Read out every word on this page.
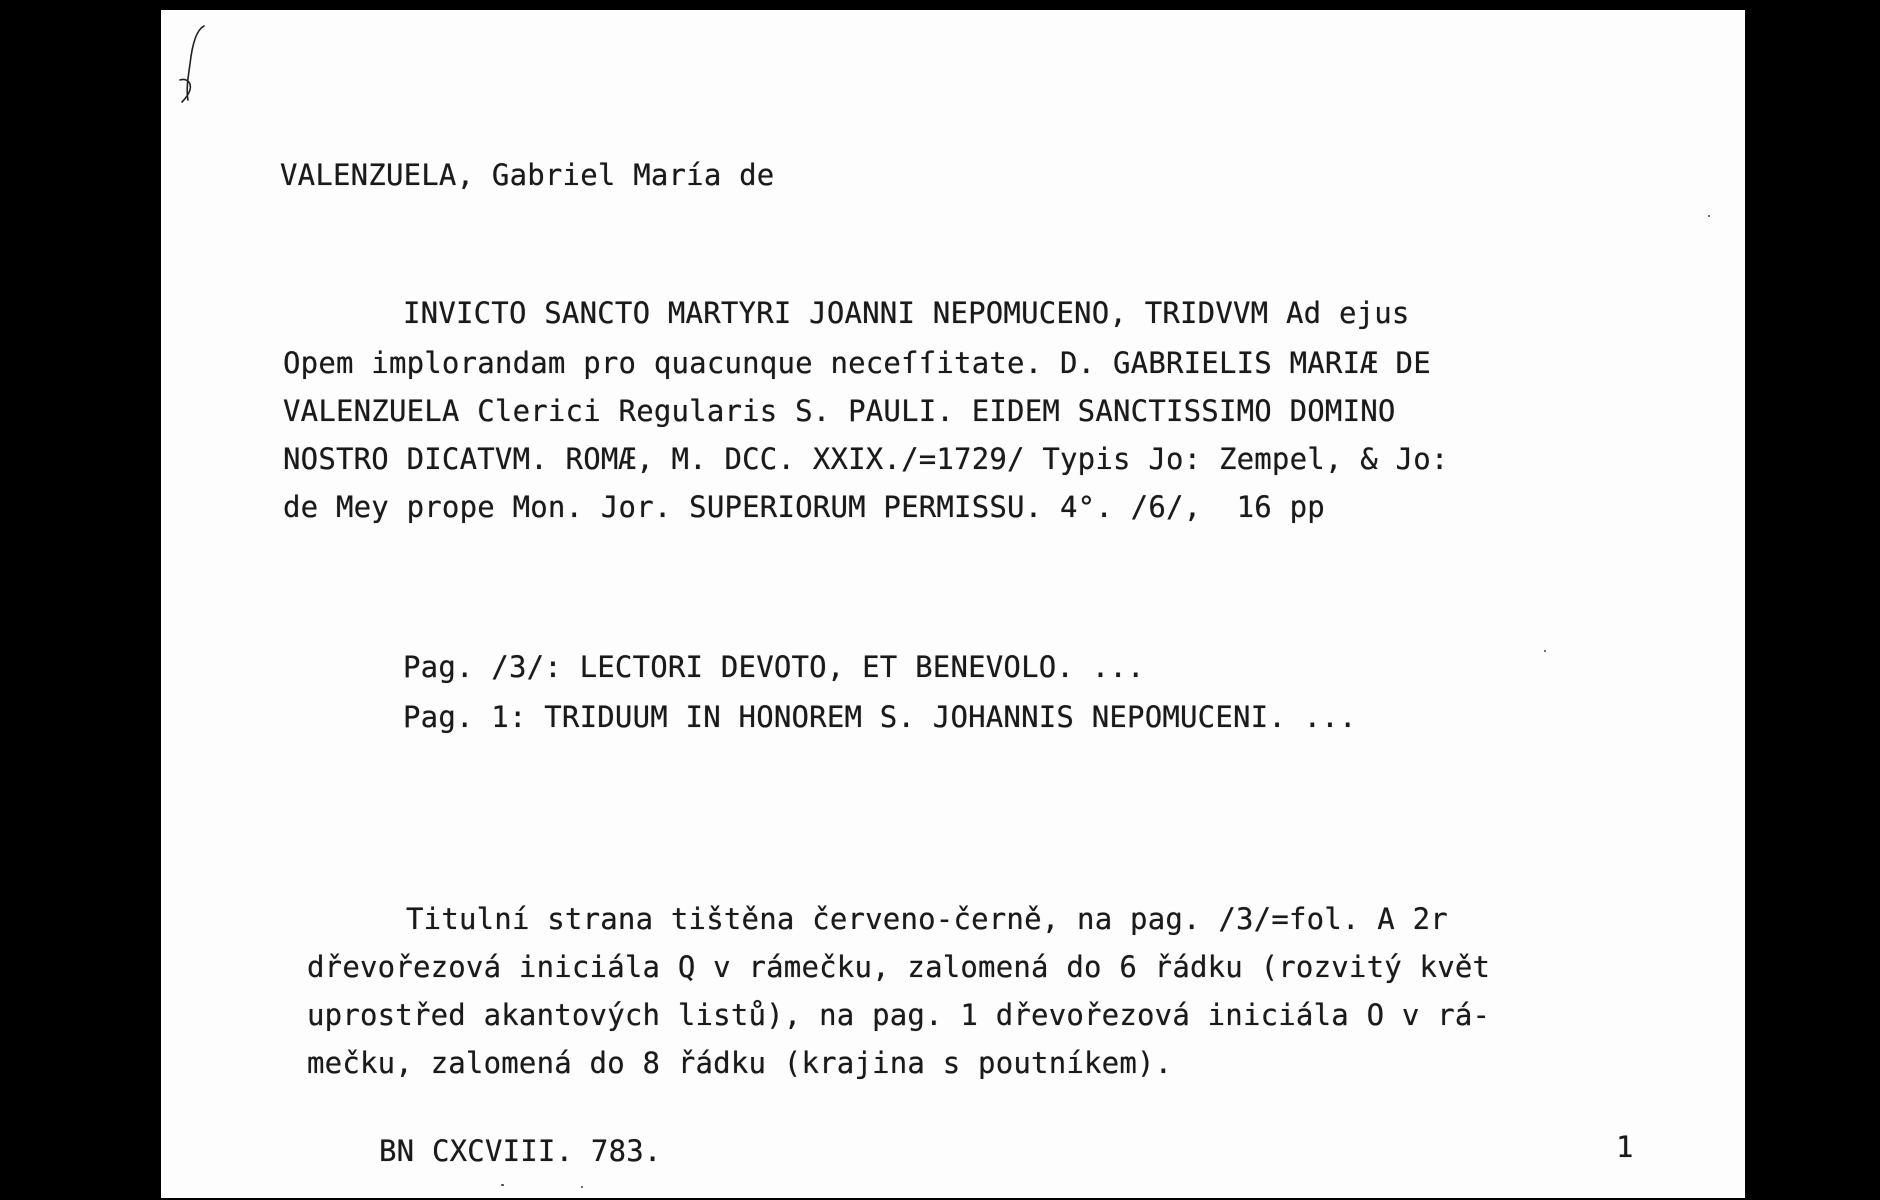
VALENZUELA, Gabriel María de
INVICTO SANCTO MARTYRI JOANNI NEPOMUCENO, TRIDVVM Ad ejus
Opem implorandam pro quacunque neceſſitate. D. GABRIELIS MARIÆ DE
VALENZUELA Clerici Regularis S. PAULI. EIDEM SANCTISSIMO DOMINO
NOSTRO DICATVM. ROMÆ, M. DCC. XXIX./=1729/ Typis Jo: Zempel, & Jo:
de Mey prope Mon. Jor. SUPERIORUM PERMISSU. 4°. /6/,  16 pp
Pag. /3/: LECTORI DEVOTO, ET BENEVOLO. ...
Pag. 1: TRIDUUM IN HONOREM S. JOHANNIS NEPOMUCENI. ...
Titulní strana tištěna červeno-černě, na pag. /3/=fol. A 2r
dřevořezová iniciála Q v rámečku, zalomená do 6 řádku (rozvitý květ
uprostřed akantových listů), na pag. 1 dřevořezová iniciála O v rá-
mečku, zalomená do 8 řádku (krajina s poutníkem).
BN CXCVIII. 783.	1
